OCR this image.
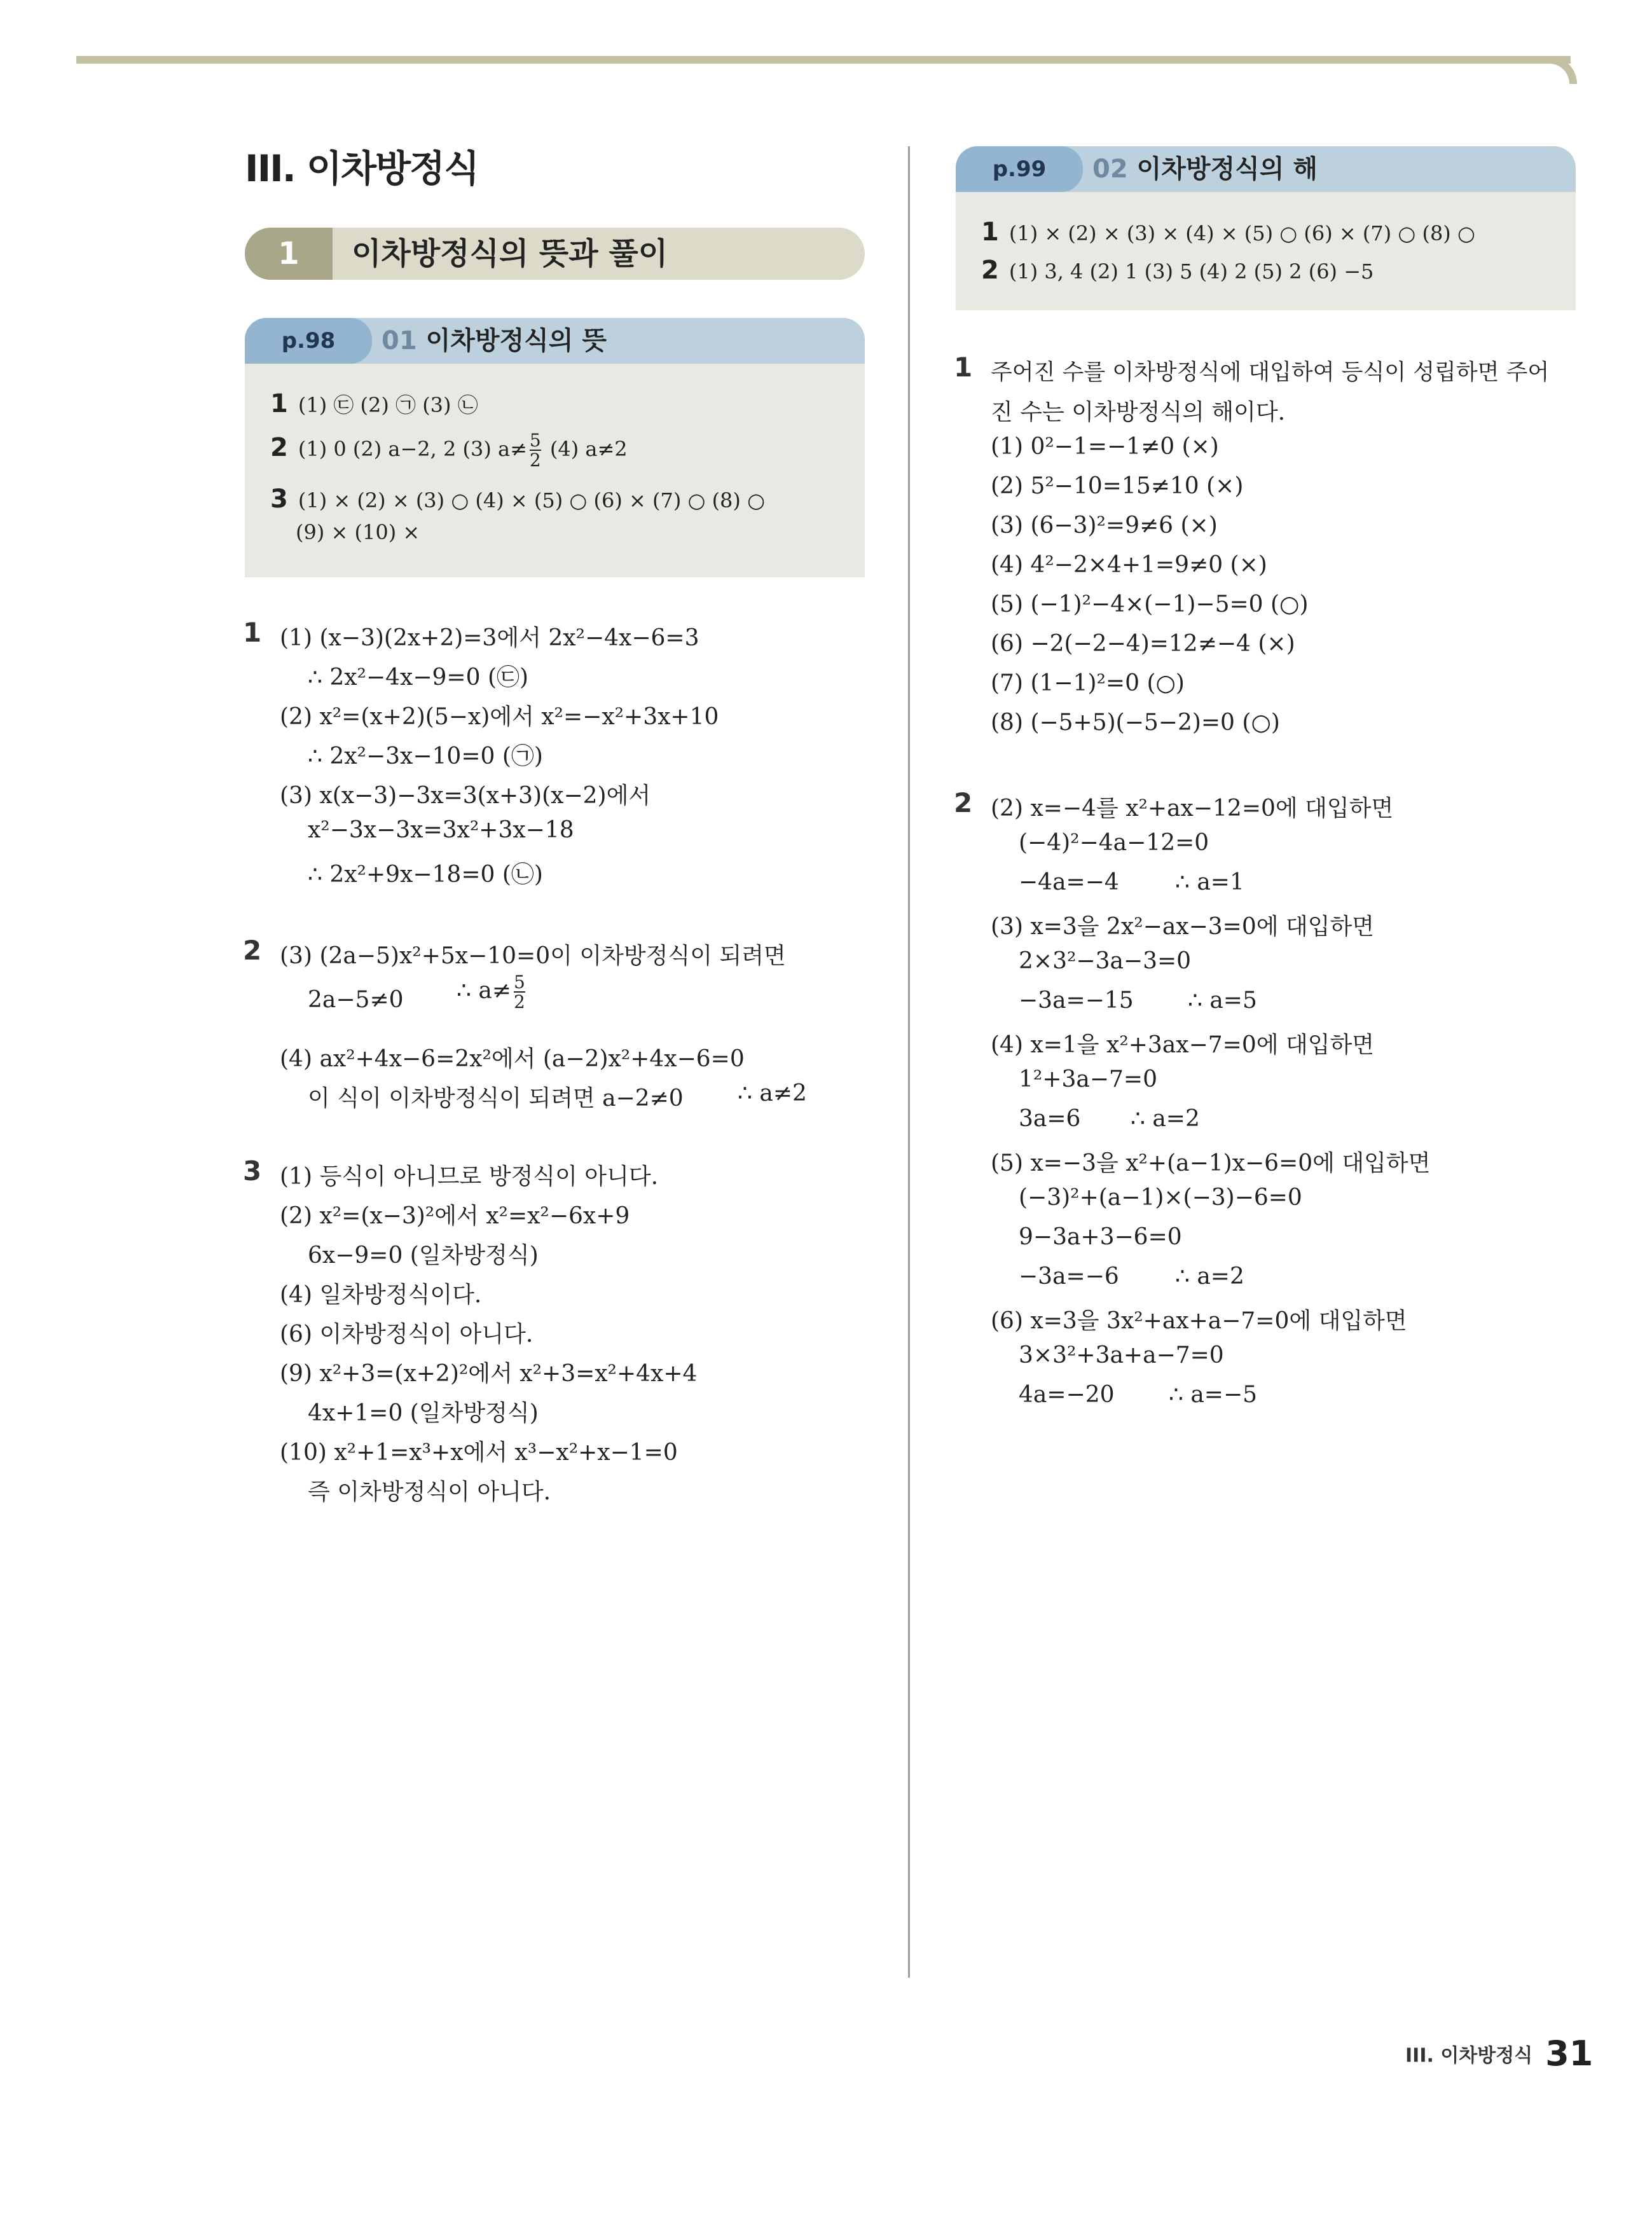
III. 이차방정식
1	이차방정식의 뜻과 풀이
p.98	01 이차방정식의 뜻
1 (1) ㉢ (2) ㉠ (3) ㉡
2 (1) 0 (2) a−2, 2 (3) $a\ne \frac{5}{2} (4)$ a≠2
3 (1) × (2) × (3) ○ (4) × (5) ○ (6) × (7) ○ (8) ○
(9) × (10) ×
p.99	02 이차방정식의 해
1 (1) × (2) × (3) × (4) × (5) ○ (6) × (7) ○ (8) ○
2 (1) 3, 4 (2) 1 (3) 5 (4) 2 (5) 2 (6) −5
1 (1) (x−3)(2x+2)=3에서 2x²−4x−6=3
∴ 2x²−4x−9=0 (㉢)
(2) x²=(x+2)(5−x)에서 x²=−x²+3x+10
∴ 2x²−3x−10=0 (㉠)
(3) x(x−3)−3x=3(x+3)(x−2)에서
x²−3x−3x=3x²+3x−18
∴ 2x²+9x−18=0 (㉡)
2 (3) (2a−5)x²+5x−10=0이 이차방정식이 되려면
2a−5≠0 ∴ $a\ne \frac{5}{2}$
(4) ax²+4x−6=2x²에서 (a−2)x²+4x−6=0
이 식이 이차방정식이 되려면 a−2≠0 ∴ a≠2
3 (1) 등식이 아니므로 방정식이 아니다.
(2) x²=(x−3)²에서 x²=x²−6x+9
6x−9=0 (일차방정식)
(4) 일차방정식이다.
(6) 이차방정식이 아니다.
(9) x²+3=(x+2)²에서 x²+3=x²+4x+4
4x+1=0 (일차방정식)
(10) x²+1=x³+x에서 x³−x²+x−1=0
즉 이차방정식이 아니다.
1 주어진 수를 이차방정식에 대입하여 등식이 성립하면 주어
진 수는 이차방정식의 해이다.
(1) 0²−1=−1≠0 (×)
(2) 5²−10=15≠10 (×)
(3) (6−3)²=9≠6 (×)
(4) 4²−2×4+1=9≠0 (×)
(5) (−1)²−4×(−1)−5=0 (○)
(6) −2(−2−4)=12≠−4 (×)
(7) (1−1)²=0 (○)
(8) (−5+5)(−5−2)=0 (○)
2 (2) x=−4를 x²+ax−12=0에 대입하면
(−4)²−4a−12=0
−4a=−4 ∴ a=1
(3) x=3을 2x²−ax−3=0에 대입하면
2×3²−3a−3=0
−3a=−15 ∴ a=5
(4) x=1을 x²+3ax−7=0에 대입하면
1²+3a−7=0
3a=6 ∴ a=2
(5) x=−3을 x²+(a−1)x−6=0에 대입하면
(−3)²+(a−1)×(−3)−6=0
9−3a+3−6=0
−3a=−6 ∴ a=2
(6) x=3을 3x²+ax+a−7=0에 대입하면
3×3²+3a+a−7=0
4a=−20 ∴ a=−5
III. 이차방정식 31
